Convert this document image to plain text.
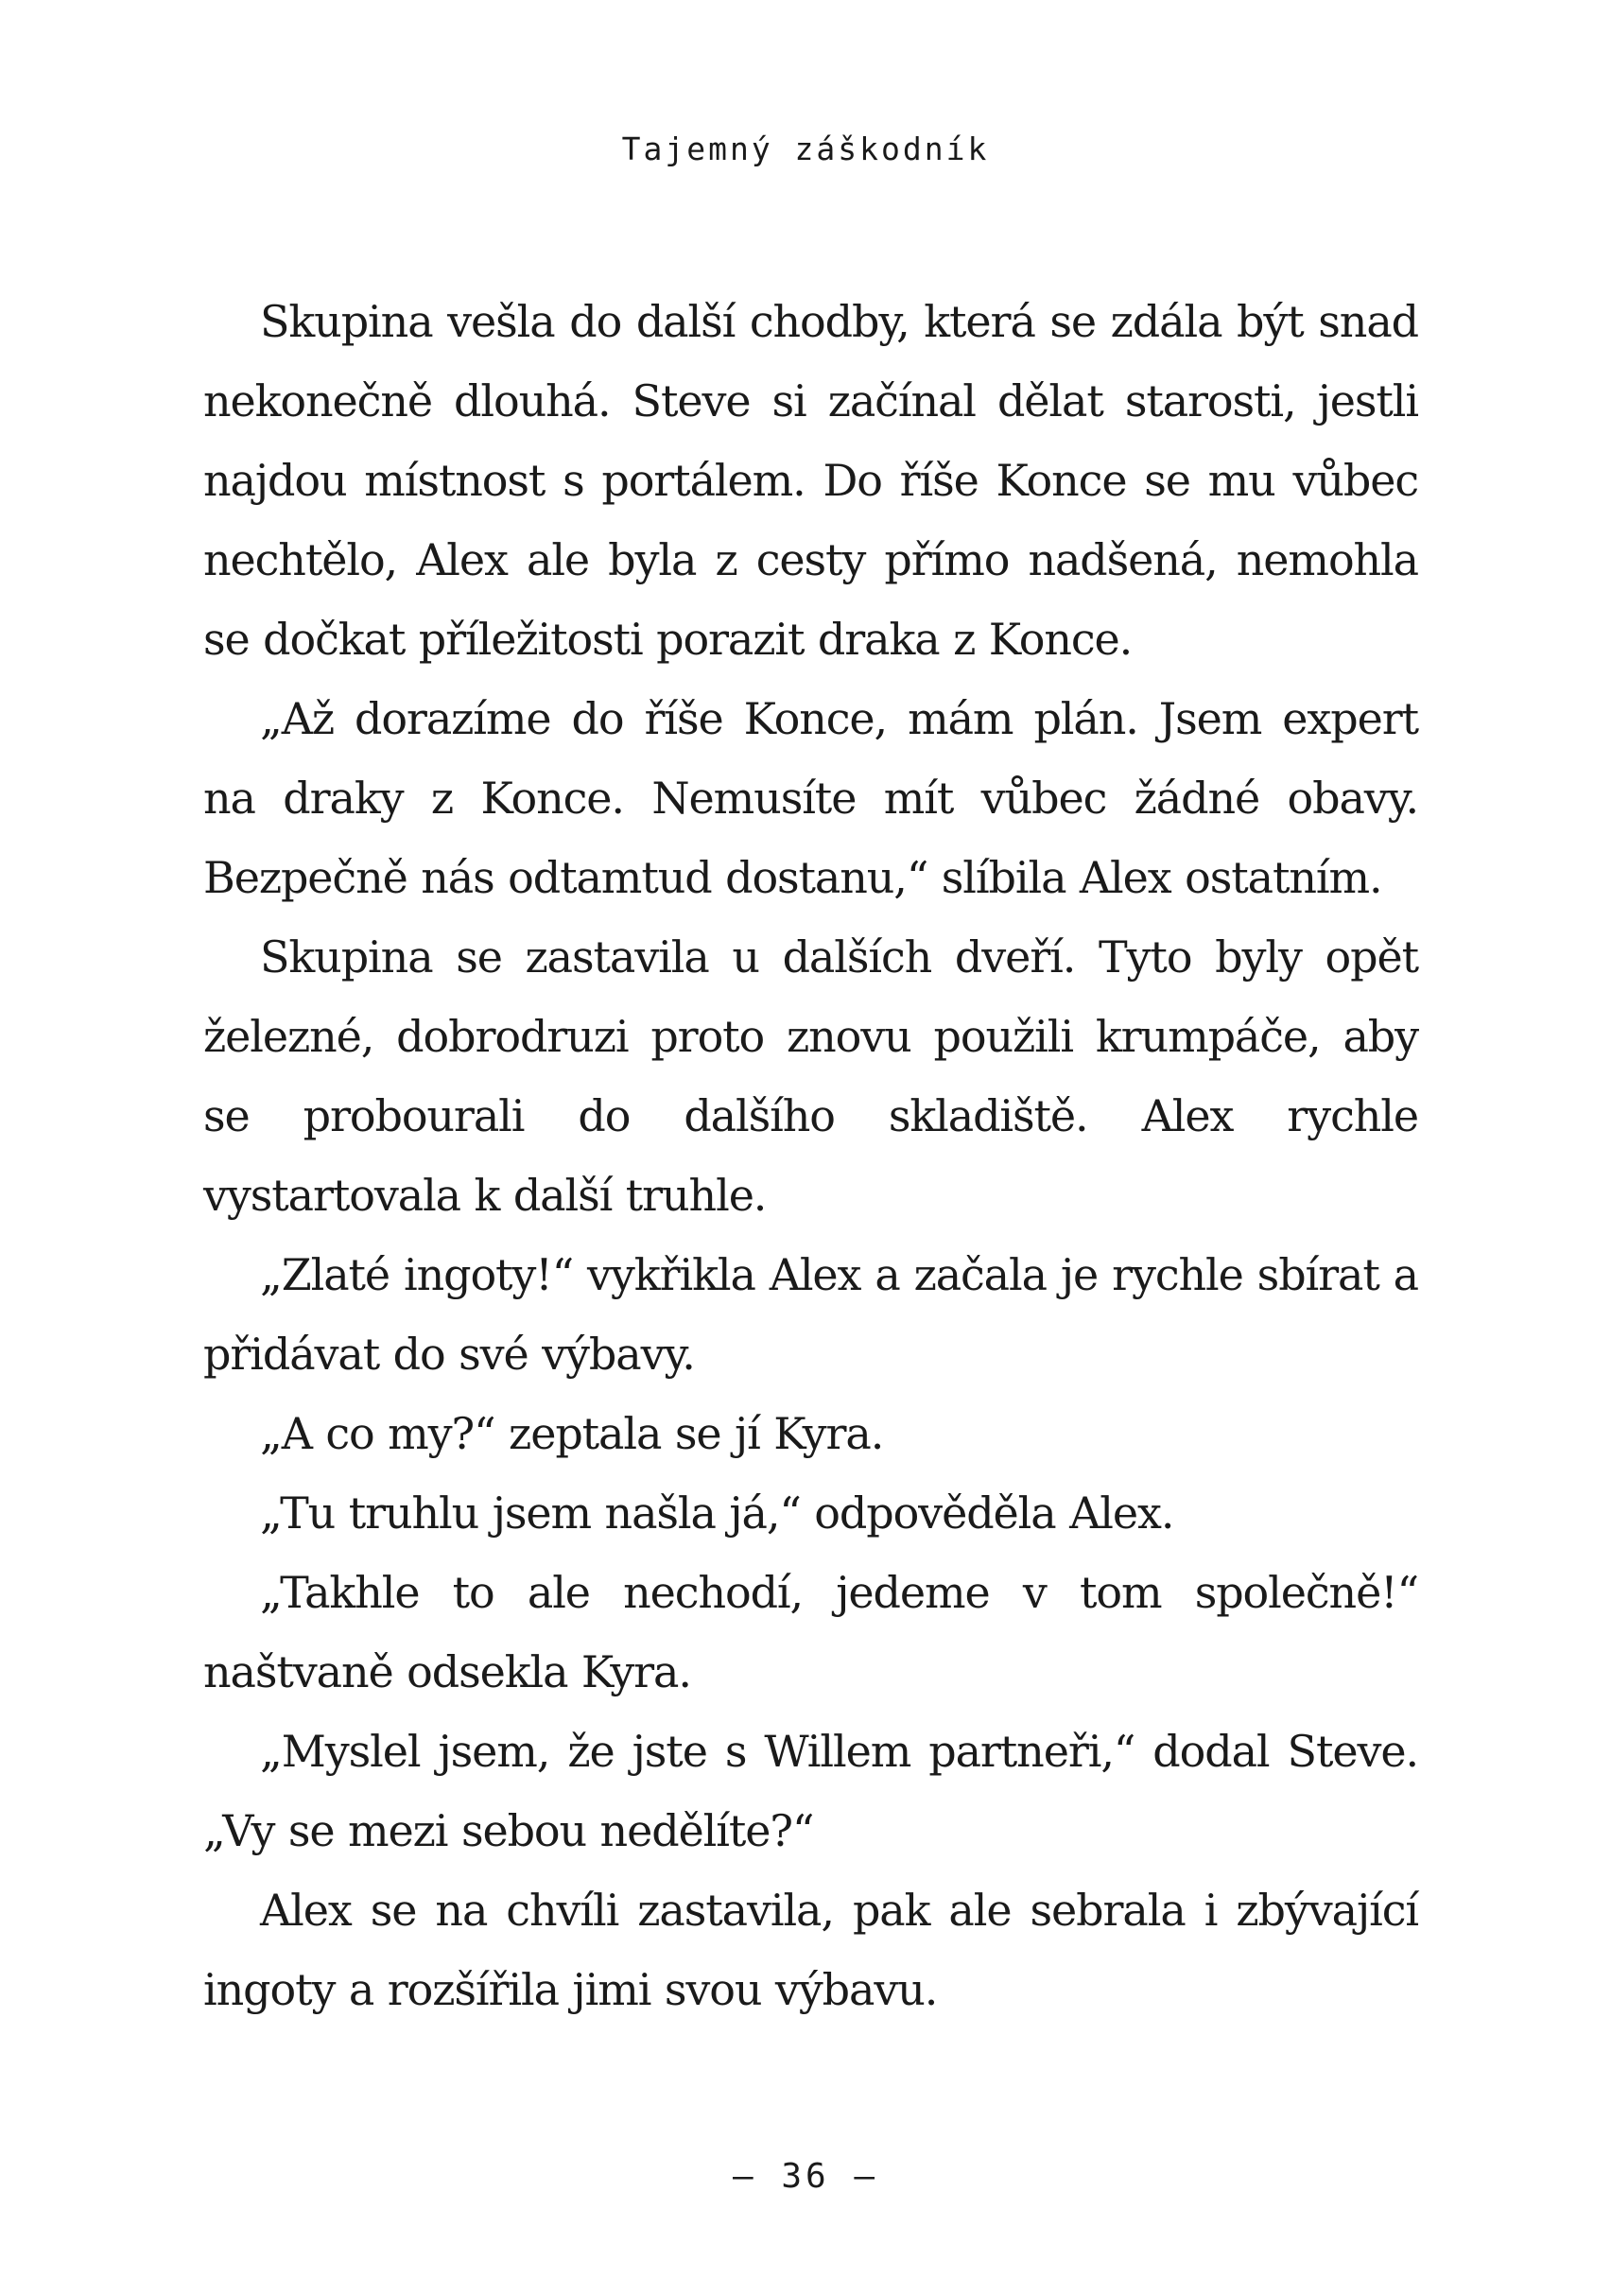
Tajemný záškodník

Skupina vešla do další chodby, která se zdála být snad nekonečně dlouhá. Steve si začínal dělat starosti, jestli najdou místnost s portálem. Do říše Konce se mu vůbec nechtělo, Alex ale byla z cesty přímo nadšená, nemohla se dočkat příležitosti porazit draka z Konce.

„Až dorazíme do říše Konce, mám plán. Jsem expert na draky z Konce. Nemusíte mít vůbec žádné obavy. Bezpečně nás odtamtud dostanu,“ slíbila Alex ostatním.

Skupina se zastavila u dalších dveří. Tyto byly opět železné, dobrodruzi proto znovu použili krumpáče, aby se probourali do dalšího skladiště. Alex rychle vystartovala k další truhle.

„Zlaté ingoty!“ vykřikla Alex a začala je rychle sbírat a přidávat do své výbavy.

„A co my?“ zeptala se jí Kyra.

„Tu truhlu jsem našla já,“ odpověděla Alex.

„Takhle to ale nechodí, jedeme v tom společně!“ naštvaně odsekla Kyra.

„Myslel jsem, že jste s Willem partneři,“ dodal Steve. „Vy se mezi sebou nedělíte?“

Alex se na chvíli zastavila, pak ale sebrala i zbývající ingoty a rozšířila jimi svou výbavu.

– 36 –
